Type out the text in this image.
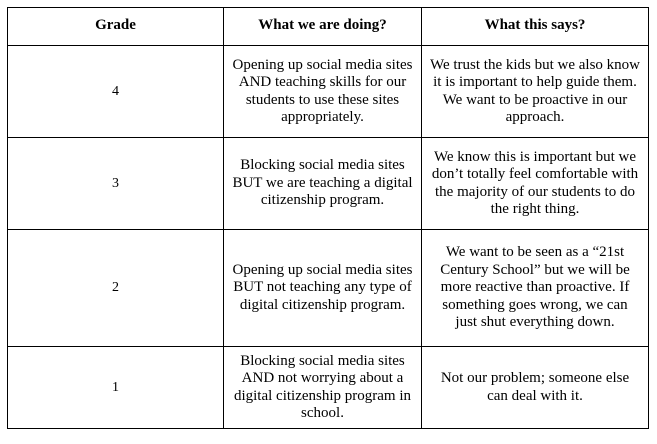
Grade	What we are doing?	What this says?
4	Opening up social media sites AND teaching skills for our students to use these sites appropriately.	We trust the kids but we also know it is important to help guide them. We want to be proactive in our approach.
3	Blocking social media sites BUT we are teaching a digital citizenship program.	We know this is important but we don’t totally feel comfortable with the majority of our students to do the right thing.
2	Opening up social media sites BUT not teaching any type of digital citizenship program.	We want to be seen as a “21st Century School” but we will be more reactive than proactive. If something goes wrong, we can just shut everything down.
1	Blocking social media sites AND not worrying about a digital citizenship program in school.	Not our problem; someone else can deal with it.
